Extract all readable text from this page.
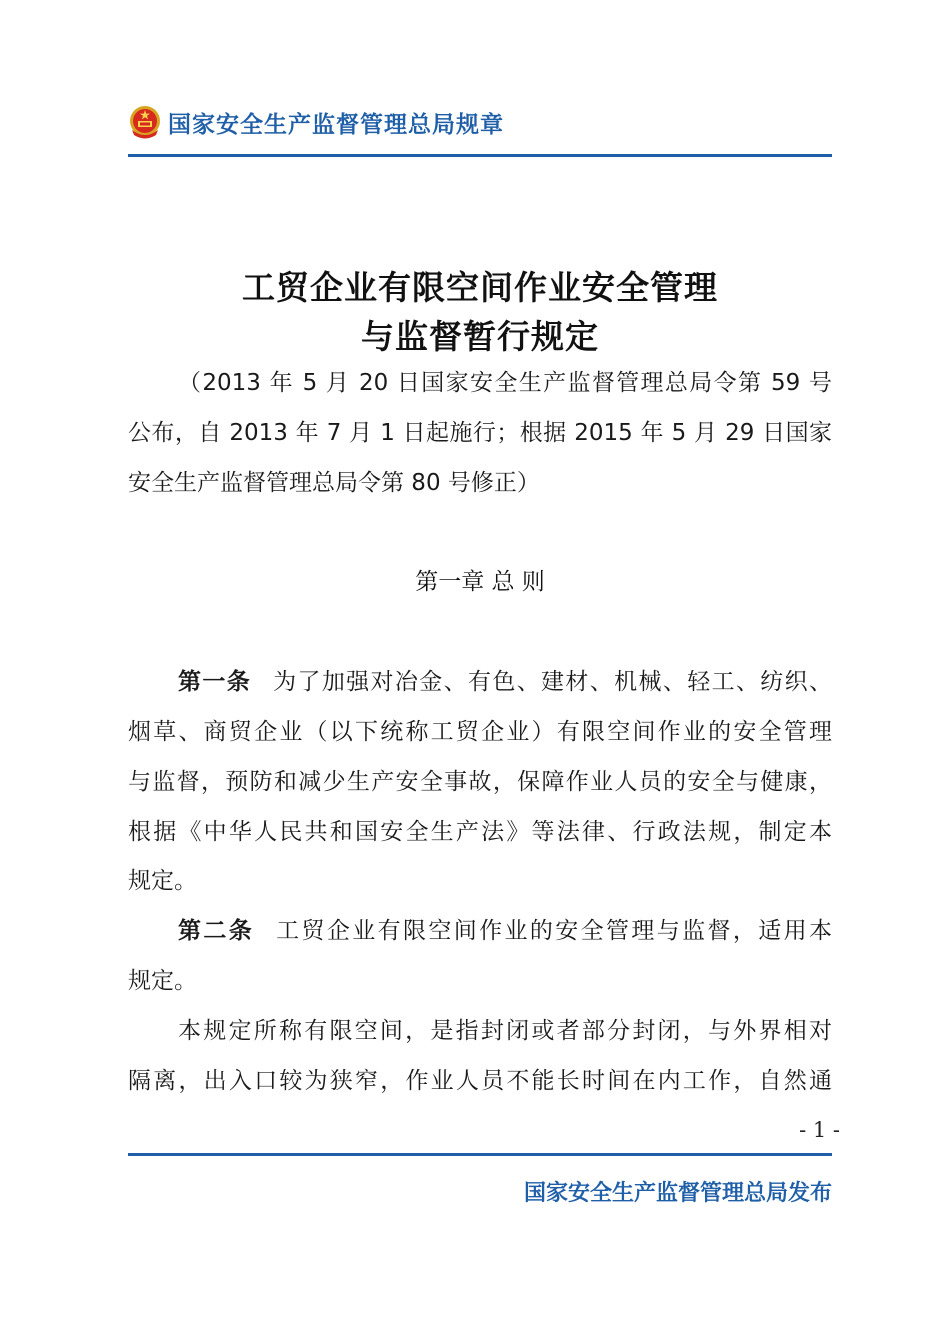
国家安全生产监督管理总局规章
工贸企业有限空间作业安全管理
与监督暂行规定
（2013 年 5 月 20 日国家安全生产监督管理总局令第 59 号
公布，自 2013 年 7 月 1 日起施行；根据 2015 年 5 月 29 日国家
安全生产监督管理总局令第 80 号修正）
第一章 总 则
第一条 为了加强对冶金、有色、建材、机械、轻工、纺织、
烟草、商贸企业（以下统称工贸企业）有限空间作业的安全管理
与监督，预防和减少生产安全事故，保障作业人员的安全与健康，
根据《中华人民共和国安全生产法》等法律、行政法规，制定本
规定。
第二条 工贸企业有限空间作业的安全管理与监督，适用本
规定。
本规定所称有限空间，是指封闭或者部分封闭，与外界相对
隔离，出入口较为狭窄，作业人员不能长时间在内工作，自然通
- 1 -
国家安全生产监督管理总局发布
